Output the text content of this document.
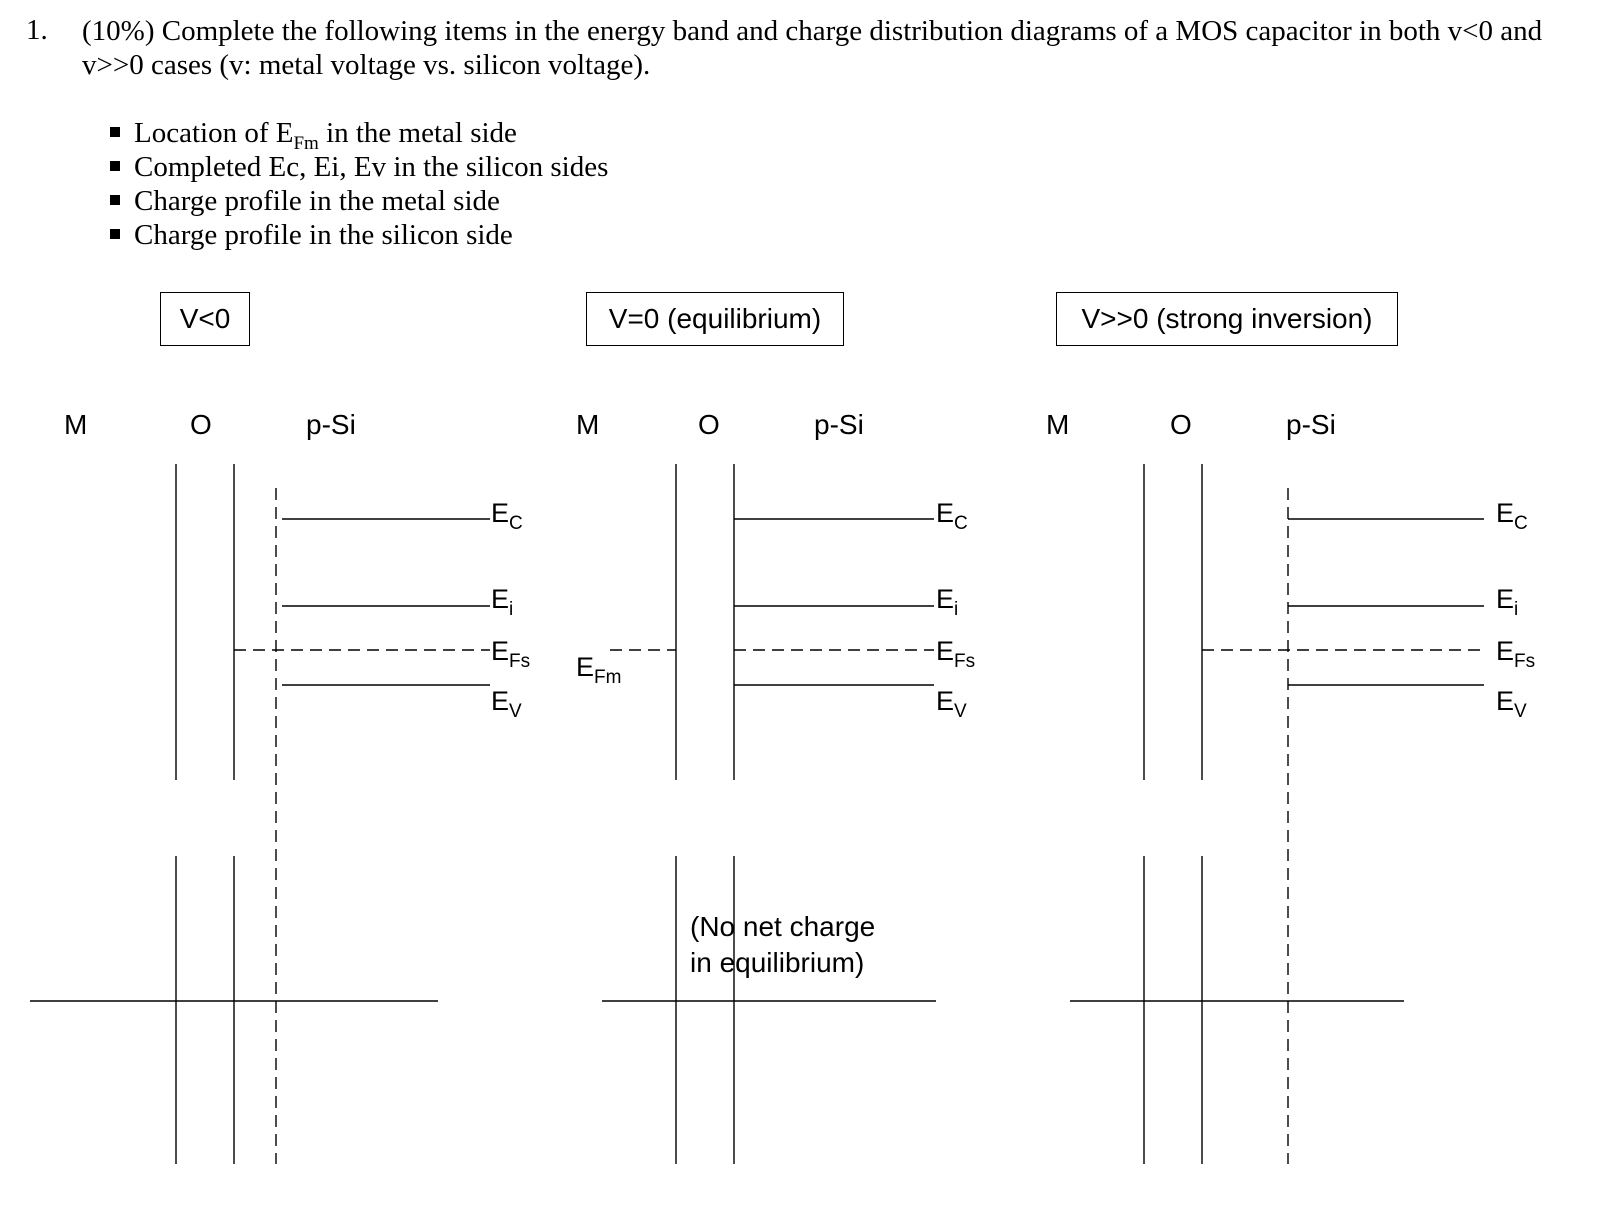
1. (10%) Complete the following items in the energy band and charge distribution diagrams of a MOS capacitor in both v<0 and v>>0 cases (v: metal voltage vs. silicon voltage).
Location of $E_{Fm}$ in the metal side
Completed Ec, Ei, Ev in the silicon sides
Charge profile in the metal side
Charge profile in the silicon side
V<0	V=0 (equilibrium)	V>>0 (strong inversion)
M	O	p-Si
$E_C$
$E_i$
$E_{Fs}$
$E_V$
M	O	p-Si
$E_C$
$E_i$
$E_{Fs}$
$E_V$
$E_{Fm}$
(No net charge
in equilibrium)
M	O	p-Si
$E_C$
$E_i$
$E_{Fs}$
$E_V$
